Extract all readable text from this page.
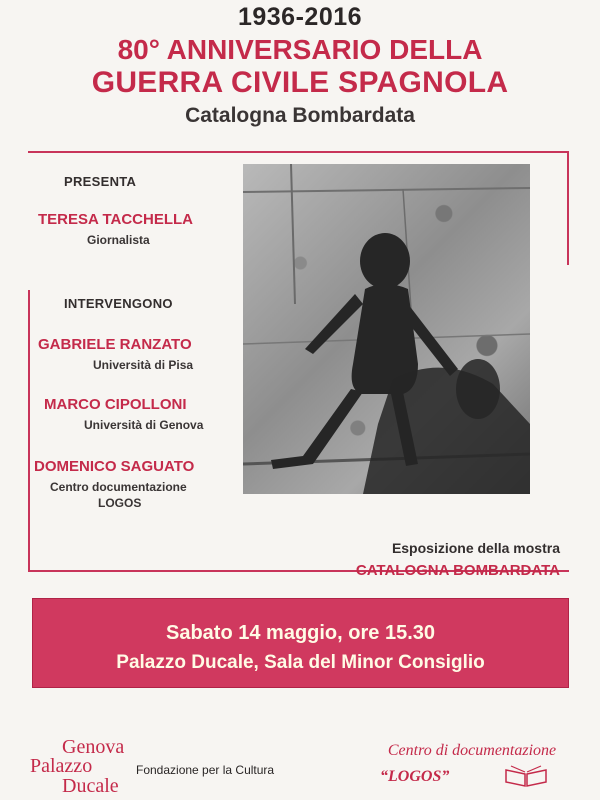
1936-2016
80° ANNIVERSARIO DELLA
GUERRA CIVILE SPAGNOLA
Catalogna Bombardata
PRESENTA
TERESA TACCHELLA
Giornalista
INTERVENGONO
GABRIELE RANZATO
Università di Pisa
MARCO CIPOLLONI
Università di Genova
DOMENICO SAGUATO
Centro documentazione
LOGOS
Esposizione della mostra
CATALOGNA BOMBARDATA
Sabato 14 maggio, ore 15.30
Palazzo Ducale, Sala del Minor Consiglio
Genova
Palazzo
Ducale
Fondazione per la Cultura
Centro di documentazione
“LOGOS”
